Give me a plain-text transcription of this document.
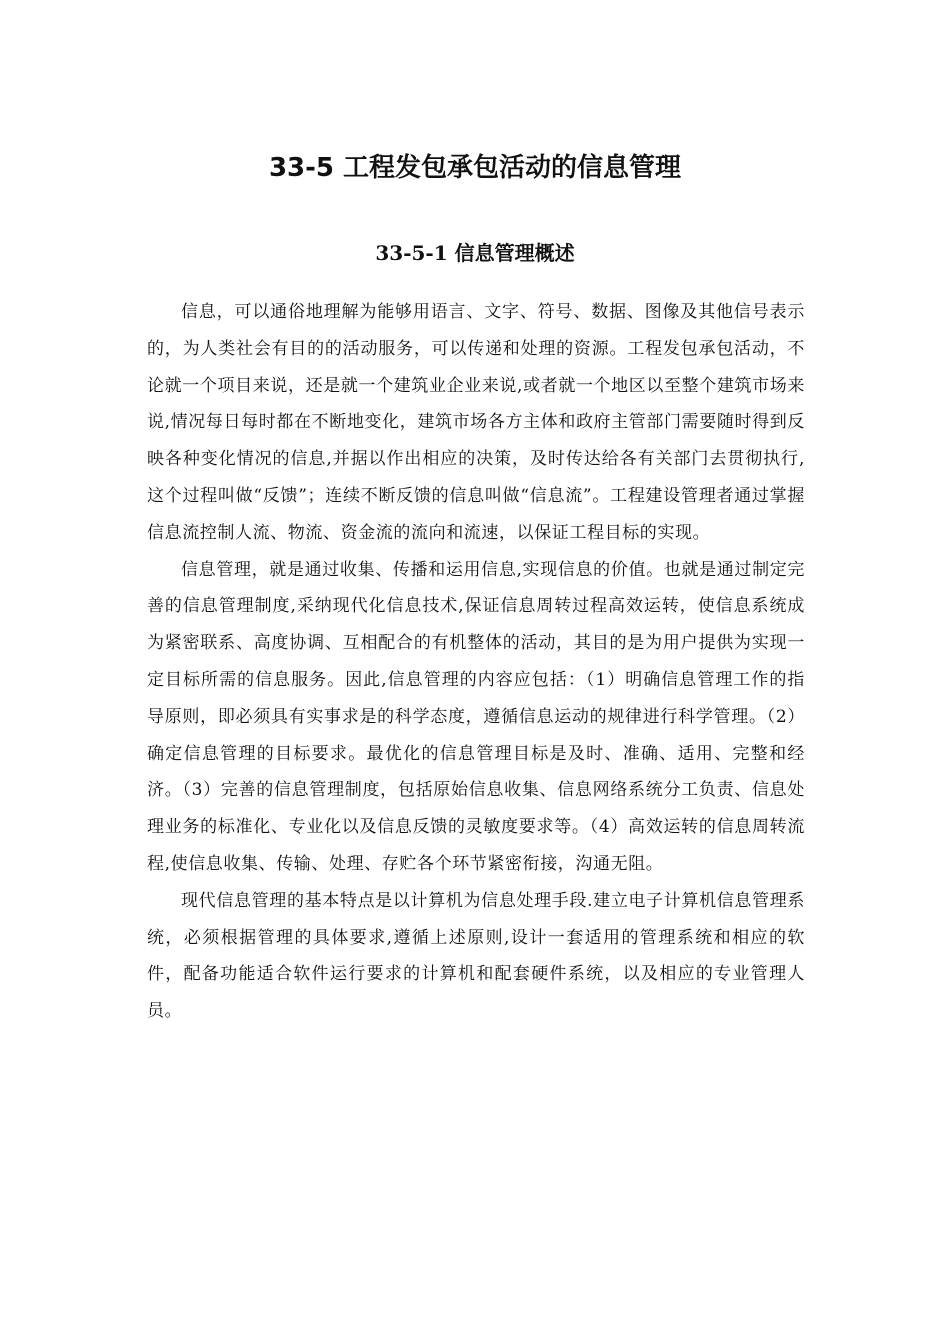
33-5 工程发包承包活动的信息管理
33-5-1 信息管理概述

信息，可以通俗地理解为能够用语言、文字、符号、数据、图像及其他信号表示的，为人类社会有目的的活动服务，可以传递和处理的资源。工程发包承包活动，不论就一个项目来说，还是就一个建筑业企业来说,或者就一个地区以至整个建筑市场来说,情况每日每时都在不断地变化，建筑市场各方主体和政府主管部门需要随时得到反映各种变化情况的信息,并据以作出相应的决策，及时传达给各有关部门去贯彻执行,这个过程叫做“反馈”；连续不断反馈的信息叫做“信息流”。工程建设管理者通过掌握信息流控制人流、物流、资金流的流向和流速，以保证工程目标的实现。

信息管理，就是通过收集、传播和运用信息,实现信息的价值。也就是通过制定完善的信息管理制度,采纳现代化信息技术,保证信息周转过程高效运转，使信息系统成为紧密联系、高度协调、互相配合的有机整体的活动，其目的是为用户提供为实现一定目标所需的信息服务。因此,信息管理的内容应包括：（1）明确信息管理工作的指导原则，即必须具有实事求是的科学态度，遵循信息运动的规律进行科学管理。（2）确定信息管理的目标要求。最优化的信息管理目标是及时、准确、适用、完整和经济。（3）完善的信息管理制度，包括原始信息收集、信息网络系统分工负责、信息处理业务的标准化、专业化以及信息反馈的灵敏度要求等。（4）高效运转的信息周转流程,使信息收集、传输、处理、存贮各个环节紧密衔接，沟通无阻。

现代信息管理的基本特点是以计算机为信息处理手段.建立电子计算机信息管理系统，必须根据管理的具体要求,遵循上述原则,设计一套适用的管理系统和相应的软件，配备功能适合软件运行要求的计算机和配套硬件系统，以及相应的专业管理人员。
